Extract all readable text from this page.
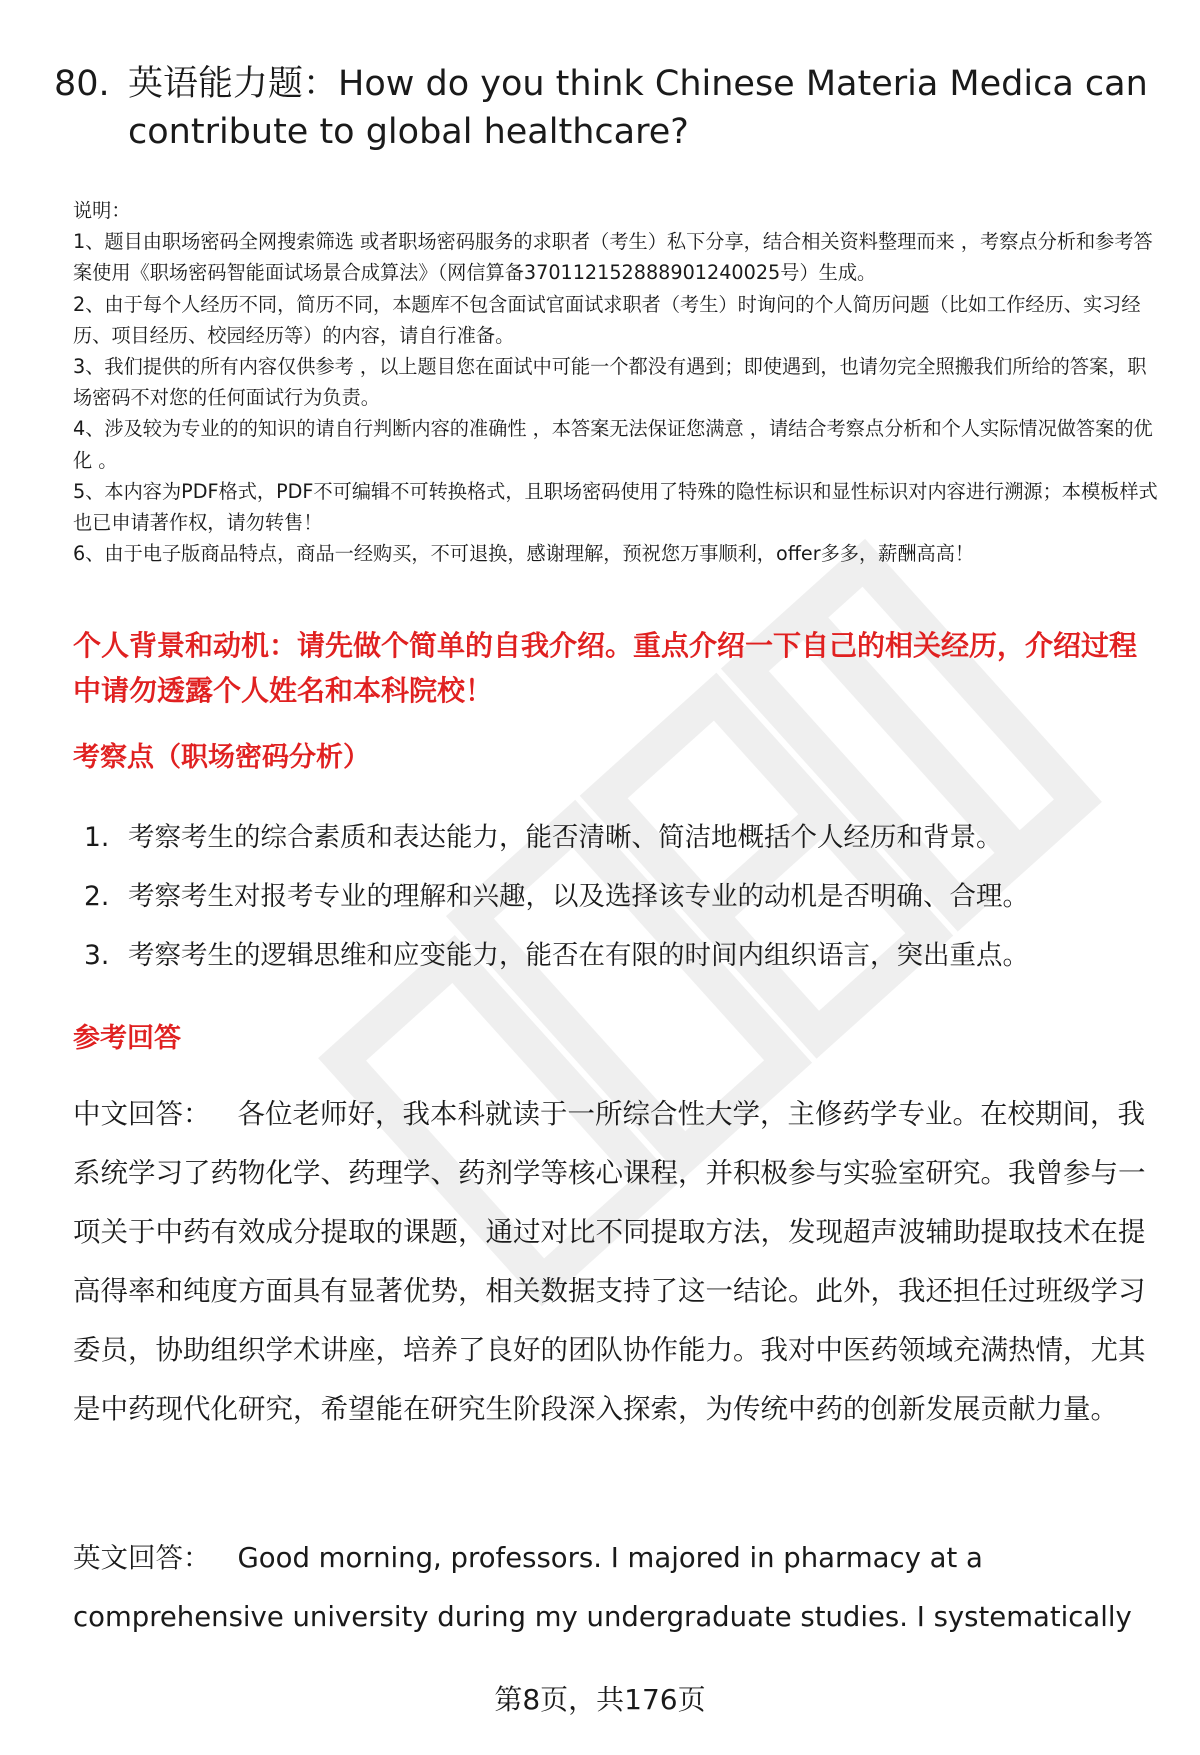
80. 英语能力题：How do you think Chinese Materia Medica can contribute to global healthcare?

说明：

1、题目由职场密码全网搜索筛选 或者职场密码服务的求职者（考生）私下分享，结合相关资料整理而来 ，考察点分析和参考答案使用《职场密码智能面试场景合成算法》（网信算备370112152888901240025号）生成。

2、由于每个人经历不同，简历不同，本题库不包含面试官面试求职者（考生）时询问的个人简历问题（比如工作经历、实习经历、项目经历、校园经历等）的内容，请自行准备。

3、我们提供的所有内容仅供参考 ，以上题目您在面试中可能一个都没有遇到；即使遇到，也请勿完全照搬我们所给的答案，职场密码不对您的任何面试行为负责。

4、涉及较为专业的的知识的请自行判断内容的准确性 ，本答案无法保证您满意 ，请结合考察点分析和个人实际情况做答案的优化 。

5、本内容为PDF格式，PDF不可编辑不可转换格式，且职场密码使用了特殊的隐性标识和显性标识对内容进行溯源；本模板样式也已申请著作权，请勿转售！

6、由于电子版商品特点，商品一经购买，不可退换，感谢理解，预祝您万事顺利，offer多多，薪酬高高！

个人背景和动机：请先做个简单的自我介绍。重点介绍一下自己的相关经历，介绍过程中请勿透露个人姓名和本科院校！
考察点（职场密码分析）
1. 考察考生的综合素质和表达能力，能否清晰、简洁地概括个人经历和背景。
2. 考察考生对报考专业的理解和兴趣，以及选择该专业的动机是否明确、合理。
3. 考察考生的逻辑思维和应变能力，能否在有限的时间内组织语言，突出重点。
参考回答

中文回答： 各位老师好，我本科就读于一所综合性大学，主修药学专业。在校期间，我系统学习了药物化学、药理学、药剂学等核心课程，并积极参与实验室研究。我曾参与一项关于中药有效成分提取的课题，通过对比不同提取方法，发现超声波辅助提取技术在提高得率和纯度方面具有显著优势，相关数据支持了这一结论。此外，我还担任过班级学习委员，协助组织学术讲座，培养了良好的团队协作能力。我对中医药领域充满热情，尤其是中药现代化研究，希望能在研究生阶段深入探索，为传统中药的创新发展贡献力量。

英文回答： Good morning, professors. I majored in pharmacy at a comprehensive university during my undergraduate studies. I systematically

第8页，共176页
